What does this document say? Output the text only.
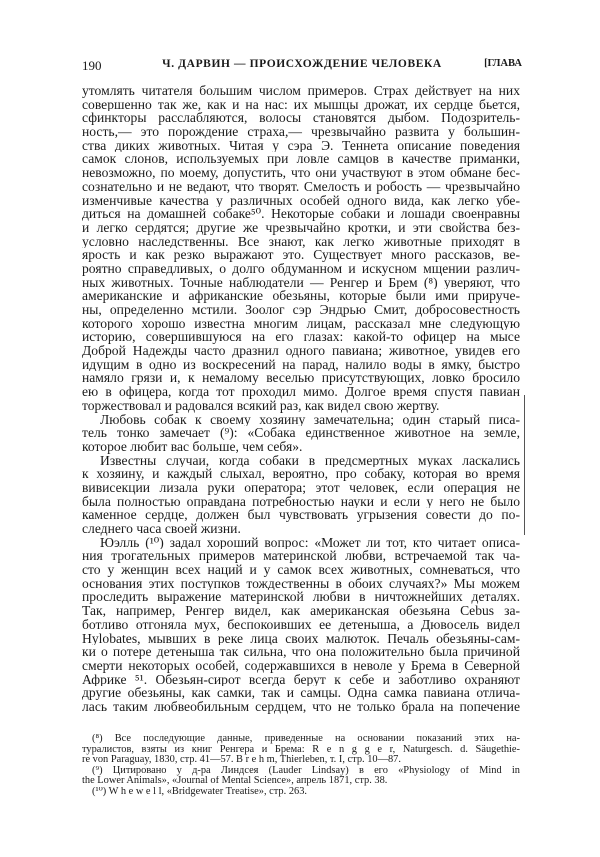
190	Ч. ДАРВИН — ПРОИСХОЖДЕНИЕ ЧЕЛОВЕКА	[ГЛАВА
утомлять читателя большим числом примеров. Страх действует на них
совершенно так же, как и на нас: их мышцы дрожат, их сердце бьется,
сфинкторы расслабляются, волосы становятся дыбом. Подозритель-
ность,— это порождение страха,— чрезвычайно развита у большин-
ства диких животных. Читая у сэра Э. Теннета описание поведения
самок слонов, используемых при ловле самцов в качестве приманки,
невозможно, по моему, допустить, что они участвуют в этом обмане бес-
сознательно и не ведают, что творят. Смелость и робость — чрезвычайно
изменчивые качества у различных особей одного вида, как легко убе-
диться на домашней собаке⁵⁰. Некоторые собаки и лошади своенравны
и легко сердятся; другие же чрезвычайно кротки, и эти свойства без-
условно наследственны. Все знают, как легко животные приходят в
ярость и как резко выражают это. Существует много рассказов, ве-
роятно справедливых, о долго обдуманном и искусном мщении различ-
ных животных. Точные наблюдатели — Ренгер и Брем (⁸) уверяют, что
американские и африканские обезьяны, которые были ими прируче-
ны, определенно мстили. Зоолог сэр Эндрью Смит, добросовестность
которого хорошо известна многим лицам, рассказал мне следующую
историю, совершившуюся на его глазах: какой-то офицер на мысе
Доброй Надежды часто дразнил одного павиана; животное, увидев его
идущим в одно из воскресений на парад, налило воды в ямку, быстро
намяло грязи и, к немалому веселью присутствующих, ловко бросило
ею в офицера, когда тот проходил мимо. Долгое время спустя павиан
торжествовал и радовался всякий раз, как видел свою жертву.
Любовь собак к своему хозяину замечательна; один старый писа-
тель тонко замечает (⁹): «Собака единственное животное на земле,
которое любит вас больше, чем себя».
Известны случаи, когда собаки в предсмертных муках ласкались
к хозяину, и каждый слыхал, вероятно, про собаку, которая во время
вивисекции лизала руки оператора; этот человек, если операция не
была полностью оправдана потребностью науки и если у него не было
каменное сердце, должен был чувствовать угрызения совести до по-
следнего часа своей жизни.
Юэлль (¹⁰) задал хороший вопрос: «Может ли тот, кто читает описа-
ния трогательных примеров материнской любви, встречаемой так ча-
сто у женщин всех наций и у самок всех животных, сомневаться, что
основания этих поступков тождественны в обоих случаях?» Мы можем
проследить выражение материнской любви в ничтожнейших деталях.
Так, например, Ренгер видел, как американская обезьяна Cebus за-
ботливо отгоняла мух, беспокоивших ее детеныша, а Дювосель видел
Hylobates, мывших в реке лица своих малюток. Печаль обезьяны-сам-
ки о потере детеныша так сильна, что она положительно была причиной
смерти некоторых особей, содержавшихся в неволе у Брема в Северной
Африке ⁵¹. Обезьян-сирот всегда берут к себе и заботливо охраняют
другие обезьяны, как самки, так и самцы. Одна самка павиана отлича-
лась таким любвеобильным сердцем, что не только брала на попечение
(⁸) Все последующие данные, приведенные на основании показаний этих на-
туралистов, взяты из книг Ренгера и Брема: R e n g g e r, Naturgesch. d. Säugethie-
re von Paraguay, 1830, стр. 41—57. B r e h m, Thierleben, т. I, стр. 10—87.
(⁹) Цитировано у д-ра Линдсея (Lauder Lindsay) в его «Physiology of Mind in
the Lower Animals», «Journal of Mental Science», апрель 1871, стр. 38.
(¹⁰) W h e w e l l, «Bridgewater Treatise», стр. 263.
